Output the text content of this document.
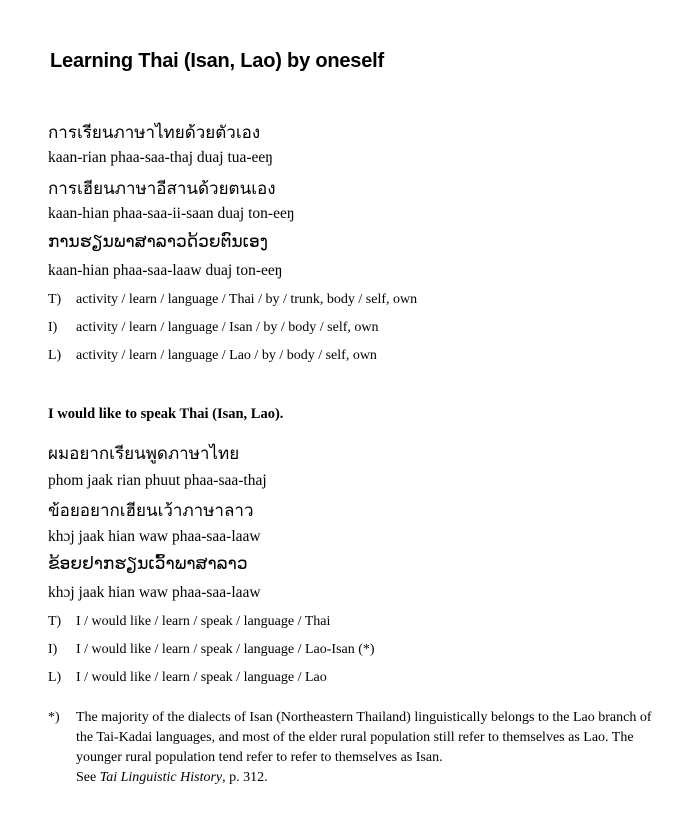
Learning Thai (Isan, Lao) by oneself
การเรียนภาษาไทยด้วยตัวเอง
kaan-rian phaa-saa-thaj duaj tua-eeŋ
การเฮียนภาษาอีสานด้วยตนเอง
kaan-hian phaa-saa-ii-saan duaj ton-eeŋ
ການຮຽນພາສາລາວດ້ວຍຕົນເອງ
kaan-hian phaa-saa-laaw duaj ton-eeŋ
T) activity / learn / language / Thai / by / trunk, body / self, own
I) activity / learn / language / Isan / by / body / self, own
L) activity / learn / language / Lao / by / body / self, own
I would like to speak Thai (Isan, Lao).
ผมอยากเรียนพูดภาษาไทย
phom jaak rian phuut phaa-saa-thaj
ข้อยอยากเฮียนเว้าภาษาลาว
khɔj jaak hian waw phaa-saa-laaw
ຂ້ອຍຢາກຮຽນເວົ້າພາສາລາວ
khɔj jaak hian waw phaa-saa-laaw
T) I / would like / learn / speak / language / Thai
I) I / would like / learn / speak / language / Lao-Isan (*)
L) I / would like / learn / speak / language / Lao
*) The majority of the dialects of Isan (Northeastern Thailand) linguistically belongs to the Lao branch of the Tai-Kadai languages, and most of the elder rural population still refer to themselves as Lao. The younger rural population tend refer to refer to themselves as Isan.
See Tai Linguistic History, p. 312.
